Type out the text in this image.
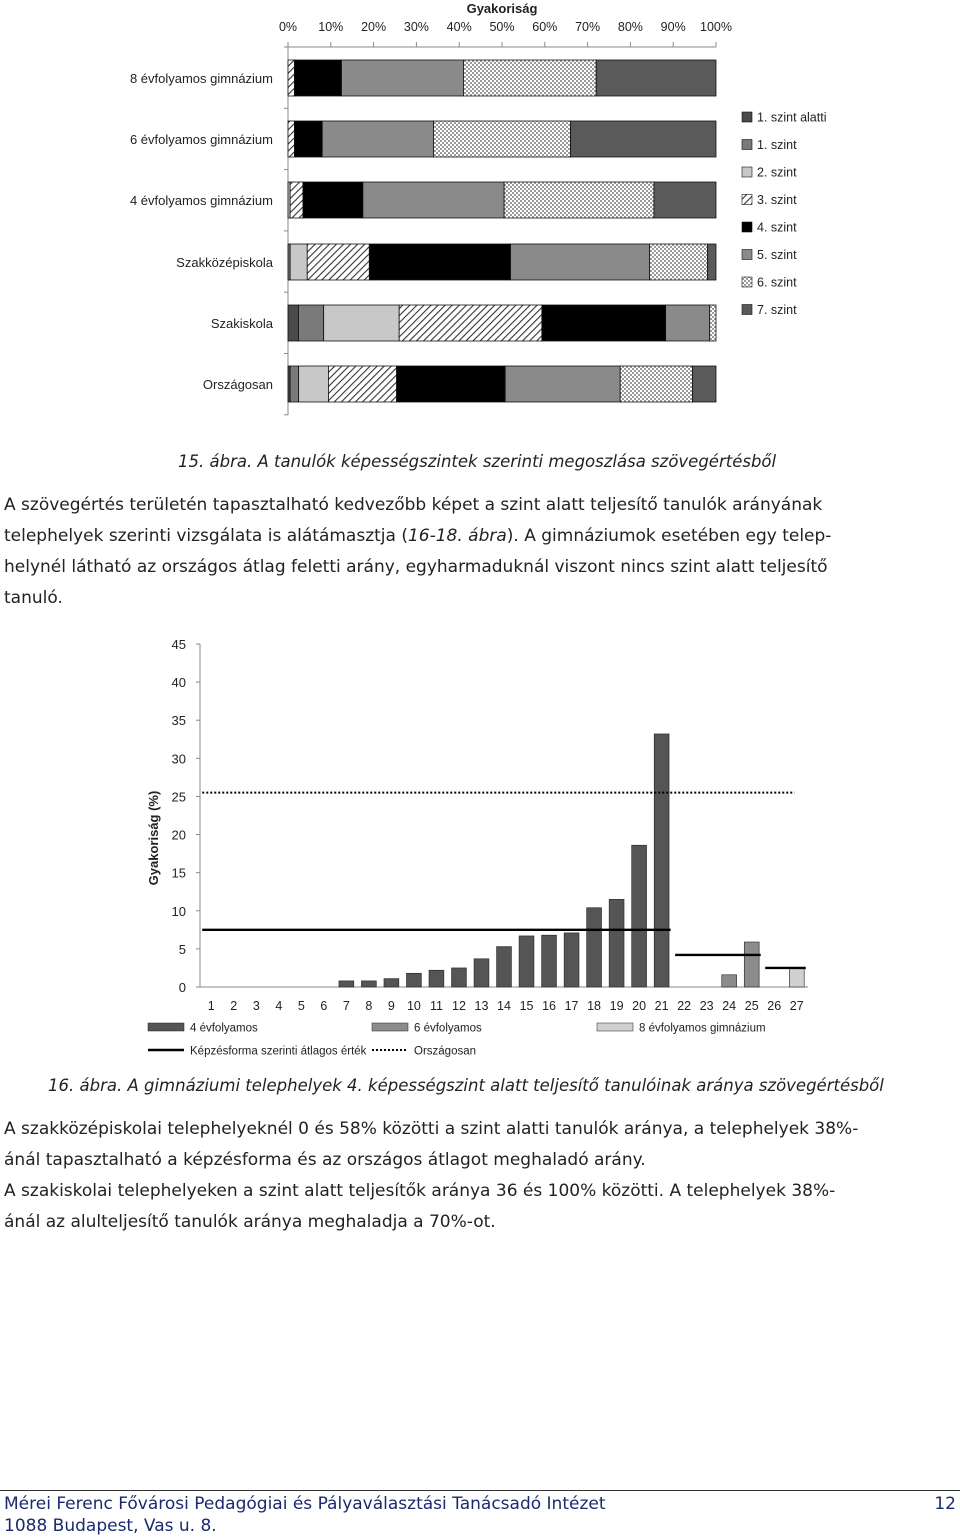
Gyakoriság
0% 10% 20% 30% 40% 50% 60% 70% 80% 90% 100%
8 évfolyamos gimnázium
6 évfolyamos gimnázium
4 évfolyamos gimnázium
Szakközépiskola
Szakiskola
Országosan
1. szint alatti
1. szint
2. szint
3. szint
4. szint
5. szint
6. szint
7. szint
15. ábra. A tanulók képességszintek szerinti megoszlása szövegértésből

A szövegértés területén tapasztalható kedvezőbb képet a szint alatt teljesítő tanulók arányának
telephelyek szerinti vizsgálata is alátámasztja (16-18. ábra). A gimnáziumok esetében egy telep-
helynél látható az országos átlag feletti arány, egyharmaduknál viszont nincs szint alatt teljesítő
tanuló.

Gyakoriság (%)
0
5
10
15
20
25
30
35
40
45
1 2 3 4 5 6 7 8 9 10 11 12 13 14 15 16 17 18 19 20 21 22 23 24 25 26 27
4 évfolyamos	6 évfolyamos	8 évfolyamos gimnázium
Képzésforma szerinti átlagos érték	Országosan
16. ábra. A gimnáziumi telephelyek 4. képességszint alatt teljesítő tanulóinak aránya szövegértésből

A szakközépiskolai telephelyeknél 0 és 58% közötti a szint alatti tanulók aránya, a telephelyek 38%-
ánál tapasztalható a képzésforma és az országos átlagot meghaladó arány.

A szakiskolai telephelyeken a szint alatt teljesítők aránya 36 és 100% közötti. A telephelyek 38%-
ánál az alulteljesítő tanulók aránya meghaladja a 70%-ot.

Mérei Ferenc Fővárosi Pedagógiai és Pályaválasztási Tanácsadó Intézet
1088 Budapest, Vas u. 8.
12
